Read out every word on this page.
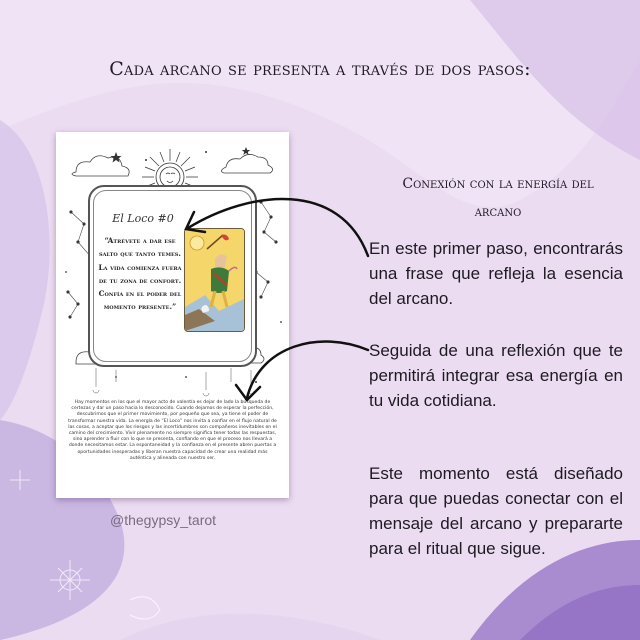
Cada arcano se presenta a través de dos pasos:
El Loco #0
“Atrévete a dar ese salto que tanto temes. La vida comienza fuera de tu zona de confort. Confía en el poder del momento presente.”
Hay momentos en los que el mayor acto de valentía es dejar de lado la búsqueda de certezas y dar un paso hacia lo desconocido. Cuando dejamos de esperar la perfección, descubrimos que el primer movimiento, por pequeño que sea, ya tiene el poder de transformar nuestra vida. La energía de “El Loco” nos invita a confiar en el flujo natural de las cosas, a aceptar que los riesgos y las incertidumbres son compañeros inevitables en el camino del crecimiento. Vivir plenamente no siempre significa tener todas las respuestas, sino aprender a fluir con lo que se presenta, confiando en que el proceso nos llevará a donde necesitamos estar. La espontaneidad y la confianza en el presente abren puertas a oportunidades inesperadas y liberan nuestra capacidad de crear una realidad más auténtica y alineada con nuestro ser.
@thegypsy_tarot
Conexión con la energía del arcano
En este primer paso, encontrarás una frase que refleja la esencia del arcano.
Seguida de una reflexión que te permitirá integrar esa energía en tu vida cotidiana.
Este momento está diseñado para que puedas conectar con el mensaje del arcano y prepararte para el ritual que sigue.
